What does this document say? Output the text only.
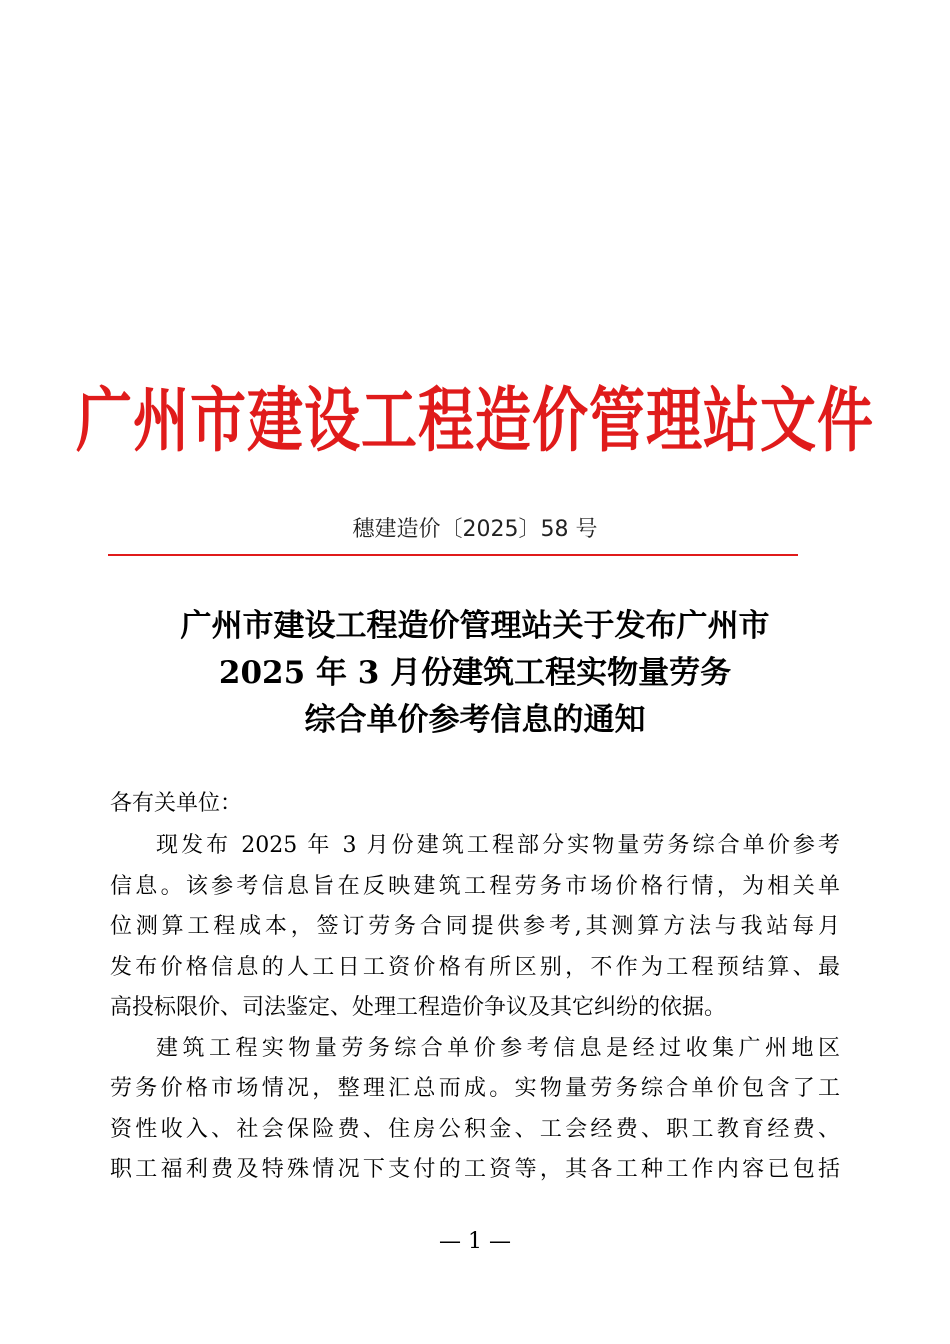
广州市建设工程造价管理站文件
穗建造价〔2025〕58 号
广州市建设工程造价管理站关于发布广州市
2025 年 3 月份建筑工程实物量劳务
综合单价参考信息的通知
各有关单位：
现发布 2025 年 3 月份建筑工程部分实物量劳务综合单价参考
信息。该参考信息旨在反映建筑工程劳务市场价格行情，为相关单
位测算工程成本，签订劳务合同提供参考,其测算方法与我站每月
发布价格信息的人工日工资价格有所区别，不作为工程预结算、最
高投标限价、司法鉴定、处理工程造价争议及其它纠纷的依据。
建筑工程实物量劳务综合单价参考信息是经过收集广州地区
劳务价格市场情况，整理汇总而成。实物量劳务综合单价包含了工
资性收入、社会保险费、住房公积金、工会经费、职工教育经费、
职工福利费及特殊情况下支付的工资等，其各工种工作内容已包括
— 1 —
